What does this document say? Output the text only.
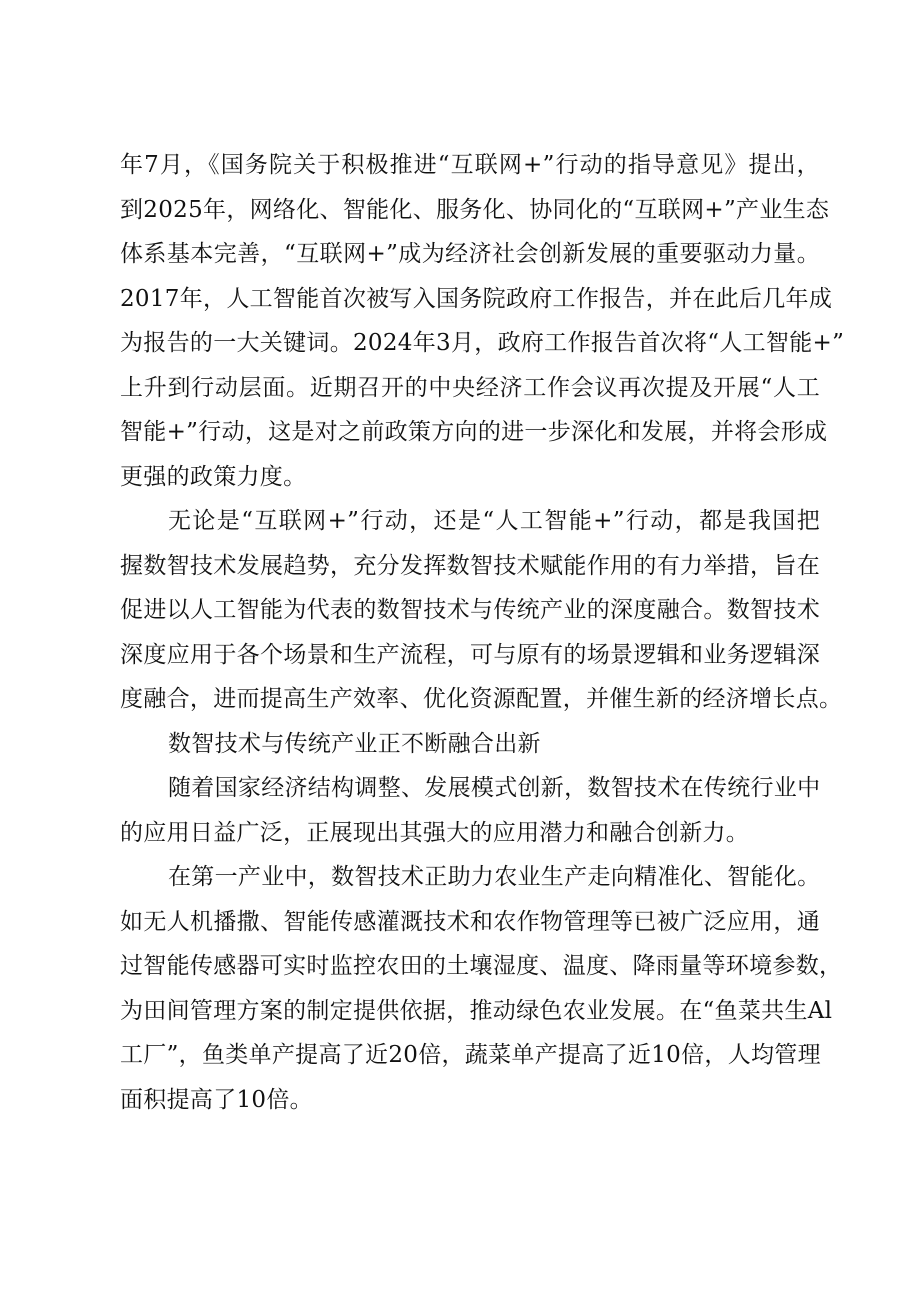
年7月，《国务院关于积极推进“互联网+”行动的指导意见》提出，
到2025年，网络化、智能化、服务化、协同化的“互联网+”产业生态
体系基本完善，“互联网+”成为经济社会创新发展的重要驱动力量。
2017年，人工智能首次被写入国务院政府工作报告，并在此后几年成
为报告的一大关键词。2024年3月，政府工作报告首次将“人工智能+”
上升到行动层面。近期召开的中央经济工作会议再次提及开展“人工
智能+”行动，这是对之前政策方向的进一步深化和发展，并将会形成
更强的政策力度。
无论是“互联网+”行动，还是“人工智能+”行动，都是我国把
握数智技术发展趋势，充分发挥数智技术赋能作用的有力举措，旨在
促进以人工智能为代表的数智技术与传统产业的深度融合。数智技术
深度应用于各个场景和生产流程，可与原有的场景逻辑和业务逻辑深
度融合，进而提高生产效率、优化资源配置，并催生新的经济增长点。
数智技术与传统产业正不断融合出新
随着国家经济结构调整、发展模式创新，数智技术在传统行业中
的应用日益广泛，正展现出其强大的应用潜力和融合创新力。
在第一产业中，数智技术正助力农业生产走向精准化、智能化。
如无人机播撒、智能传感灌溉技术和农作物管理等已被广泛应用，通
过智能传感器可实时监控农田的土壤湿度、温度、降雨量等环境参数，
为田间管理方案的制定提供依据，推动绿色农业发展。在“鱼菜共生Al
工厂”，鱼类单产提高了近20倍，蔬菜单产提高了近10倍，人均管理
面积提高了10倍。
